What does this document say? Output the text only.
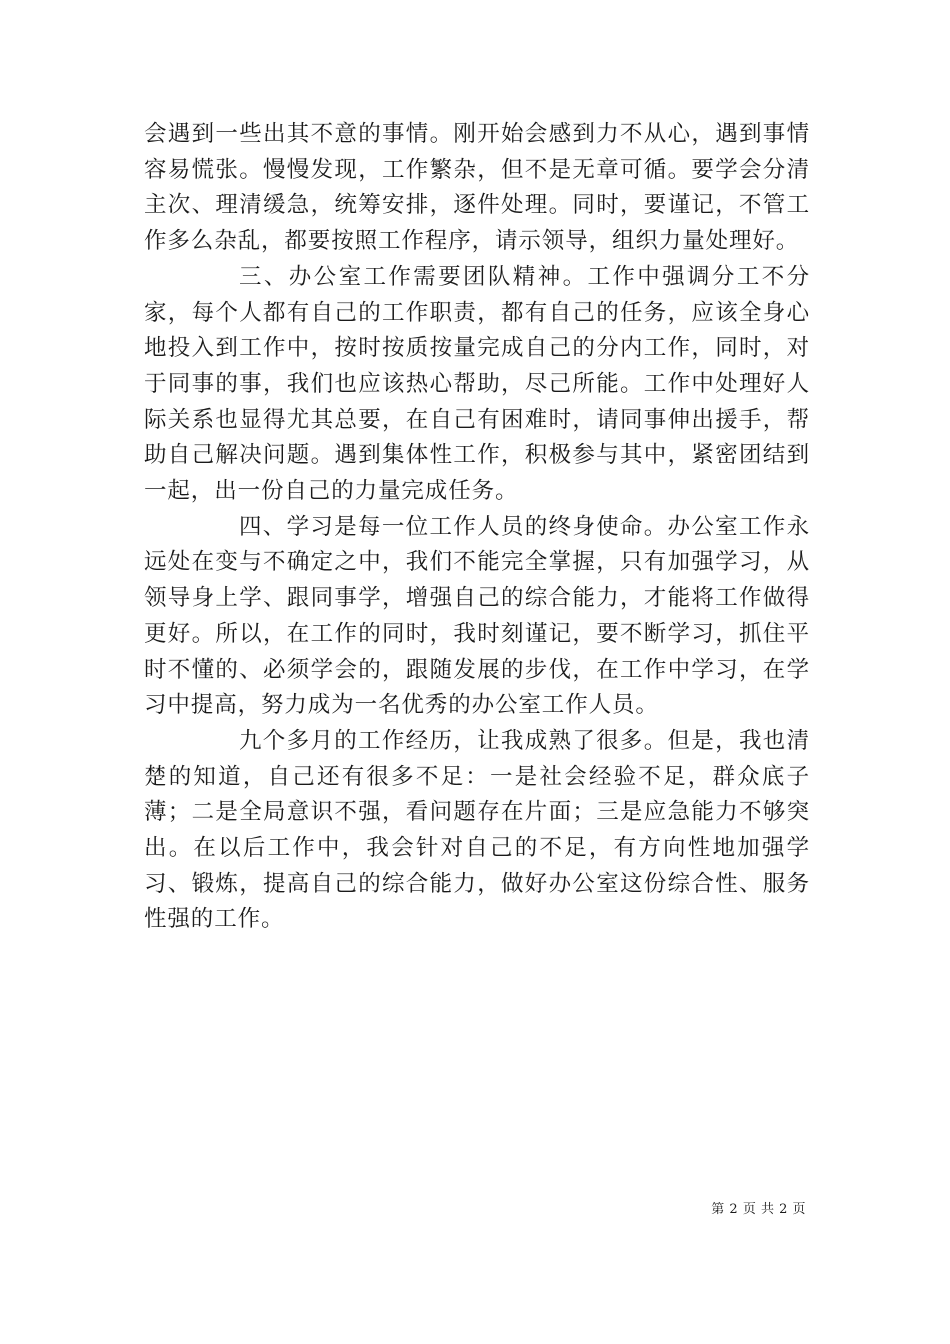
会遇到一些出其不意的事情。刚开始会感到力不从心，遇到事情容易慌张。慢慢发现，工作繁杂，但不是无章可循。要学会分清主次、理清缓急，统筹安排，逐件处理。同时，要谨记，不管工作多么杂乱，都要按照工作程序，请示领导，组织力量处理好。

三、办公室工作需要团队精神。工作中强调分工不分家，每个人都有自己的工作职责，都有自己的任务，应该全身心地投入到工作中，按时按质按量完成自己的分内工作，同时，对于同事的事，我们也应该热心帮助，尽己所能。工作中处理好人际关系也显得尤其总要，在自己有困难时，请同事伸出援手，帮助自己解决问题。遇到集体性工作，积极参与其中，紧密团结到一起，出一份自己的力量完成任务。

四、学习是每一位工作人员的终身使命。办公室工作永远处在变与不确定之中，我们不能完全掌握，只有加强学习，从领导身上学、跟同事学，增强自己的综合能力，才能将工作做得更好。所以，在工作的同时，我时刻谨记，要不断学习，抓住平时不懂的、必须学会的，跟随发展的步伐，在工作中学习，在学习中提高，努力成为一名优秀的办公室工作人员。

九个多月的工作经历，让我成熟了很多。但是，我也清楚的知道，自己还有很多不足：一是社会经验不足，群众底子薄；二是全局意识不强，看问题存在片面；三是应急能力不够突出。在以后工作中，我会针对自己的不足，有方向性地加强学习、锻炼，提高自己的综合能力，做好办公室这份综合性、服务性强的工作。

第 2 页 共 2 页
